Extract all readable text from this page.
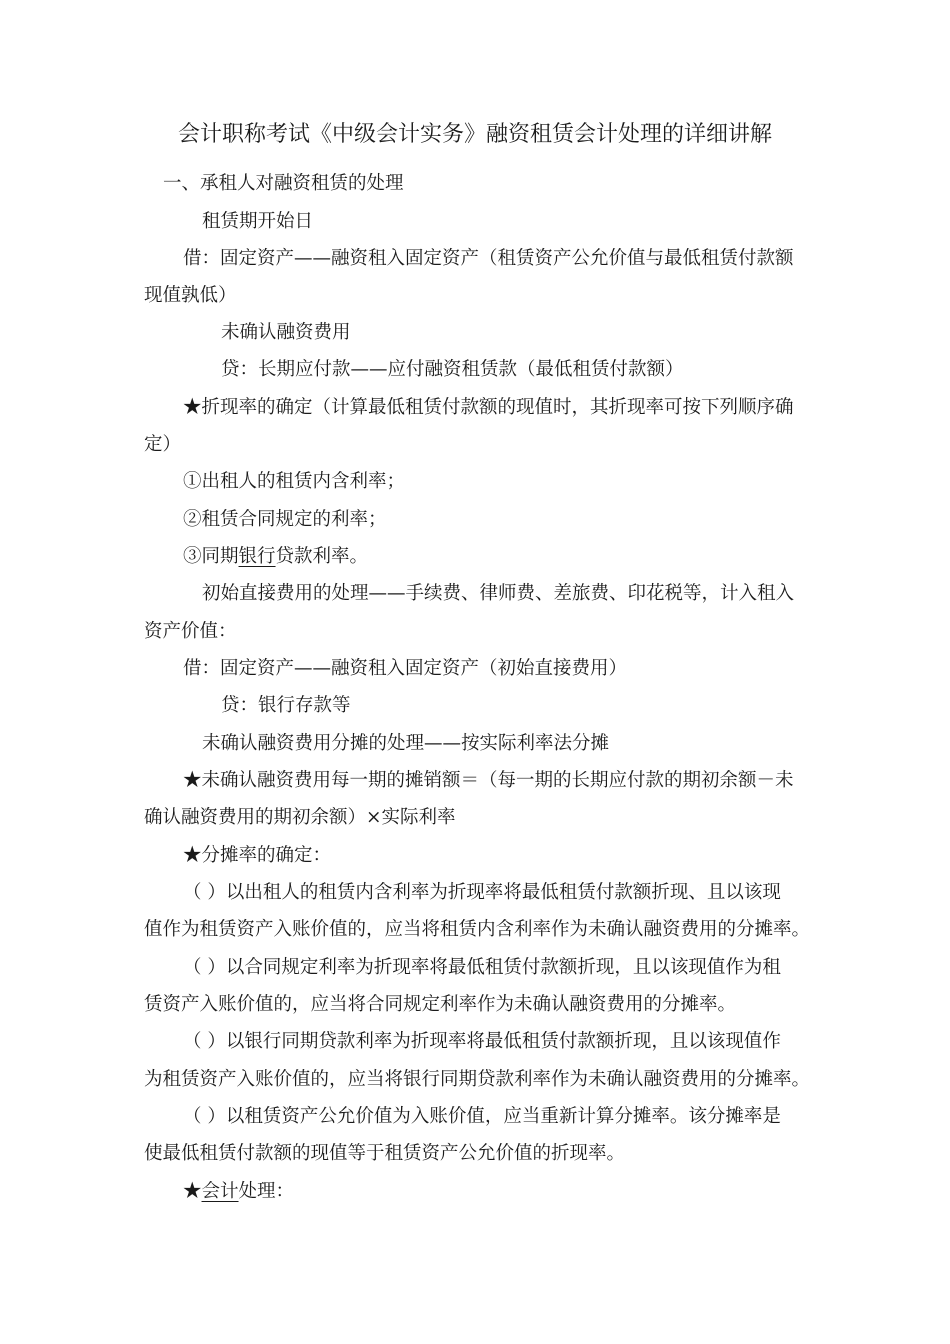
会计职称考试《中级会计实务》融资租赁会计处理的详细讲解
一、承租人对融资租赁的处理
租赁期开始日
借：固定资产——融资租入固定资产（租赁资产公允价值与最低租赁付款额
现值孰低）
未确认融资费用
贷：长期应付款——应付融资租赁款（最低租赁付款额）
★折现率的确定（计算最低租赁付款额的现值时，其折现率可按下列顺序确
定）
①出租人的租赁内含利率；
②租赁合同规定的利率；
③同期银行贷款利率。
初始直接费用的处理——手续费、律师费、差旅费、印花税等，计入租入
资产价值：
借：固定资产——融资租入固定资产（初始直接费用）
贷：银行存款等
未确认融资费用分摊的处理——按实际利率法分摊
★未确认融资费用每一期的摊销额＝（每一期的长期应付款的期初余额－未
确认融资费用的期初余额）×实际利率
★分摊率的确定：
（ ）以出租人的租赁内含利率为折现率将最低租赁付款额折现、且以该现
值作为租赁资产入账价值的，应当将租赁内含利率作为未确认融资费用的分摊率。
（ ）以合同规定利率为折现率将最低租赁付款额折现，且以该现值作为租
赁资产入账价值的，应当将合同规定利率作为未确认融资费用的分摊率。
（ ）以银行同期贷款利率为折现率将最低租赁付款额折现，且以该现值作
为租赁资产入账价值的，应当将银行同期贷款利率作为未确认融资费用的分摊率。
（ ）以租赁资产公允价值为入账价值，应当重新计算分摊率。该分摊率是
使最低租赁付款额的现值等于租赁资产公允价值的折现率。
★会计处理：
